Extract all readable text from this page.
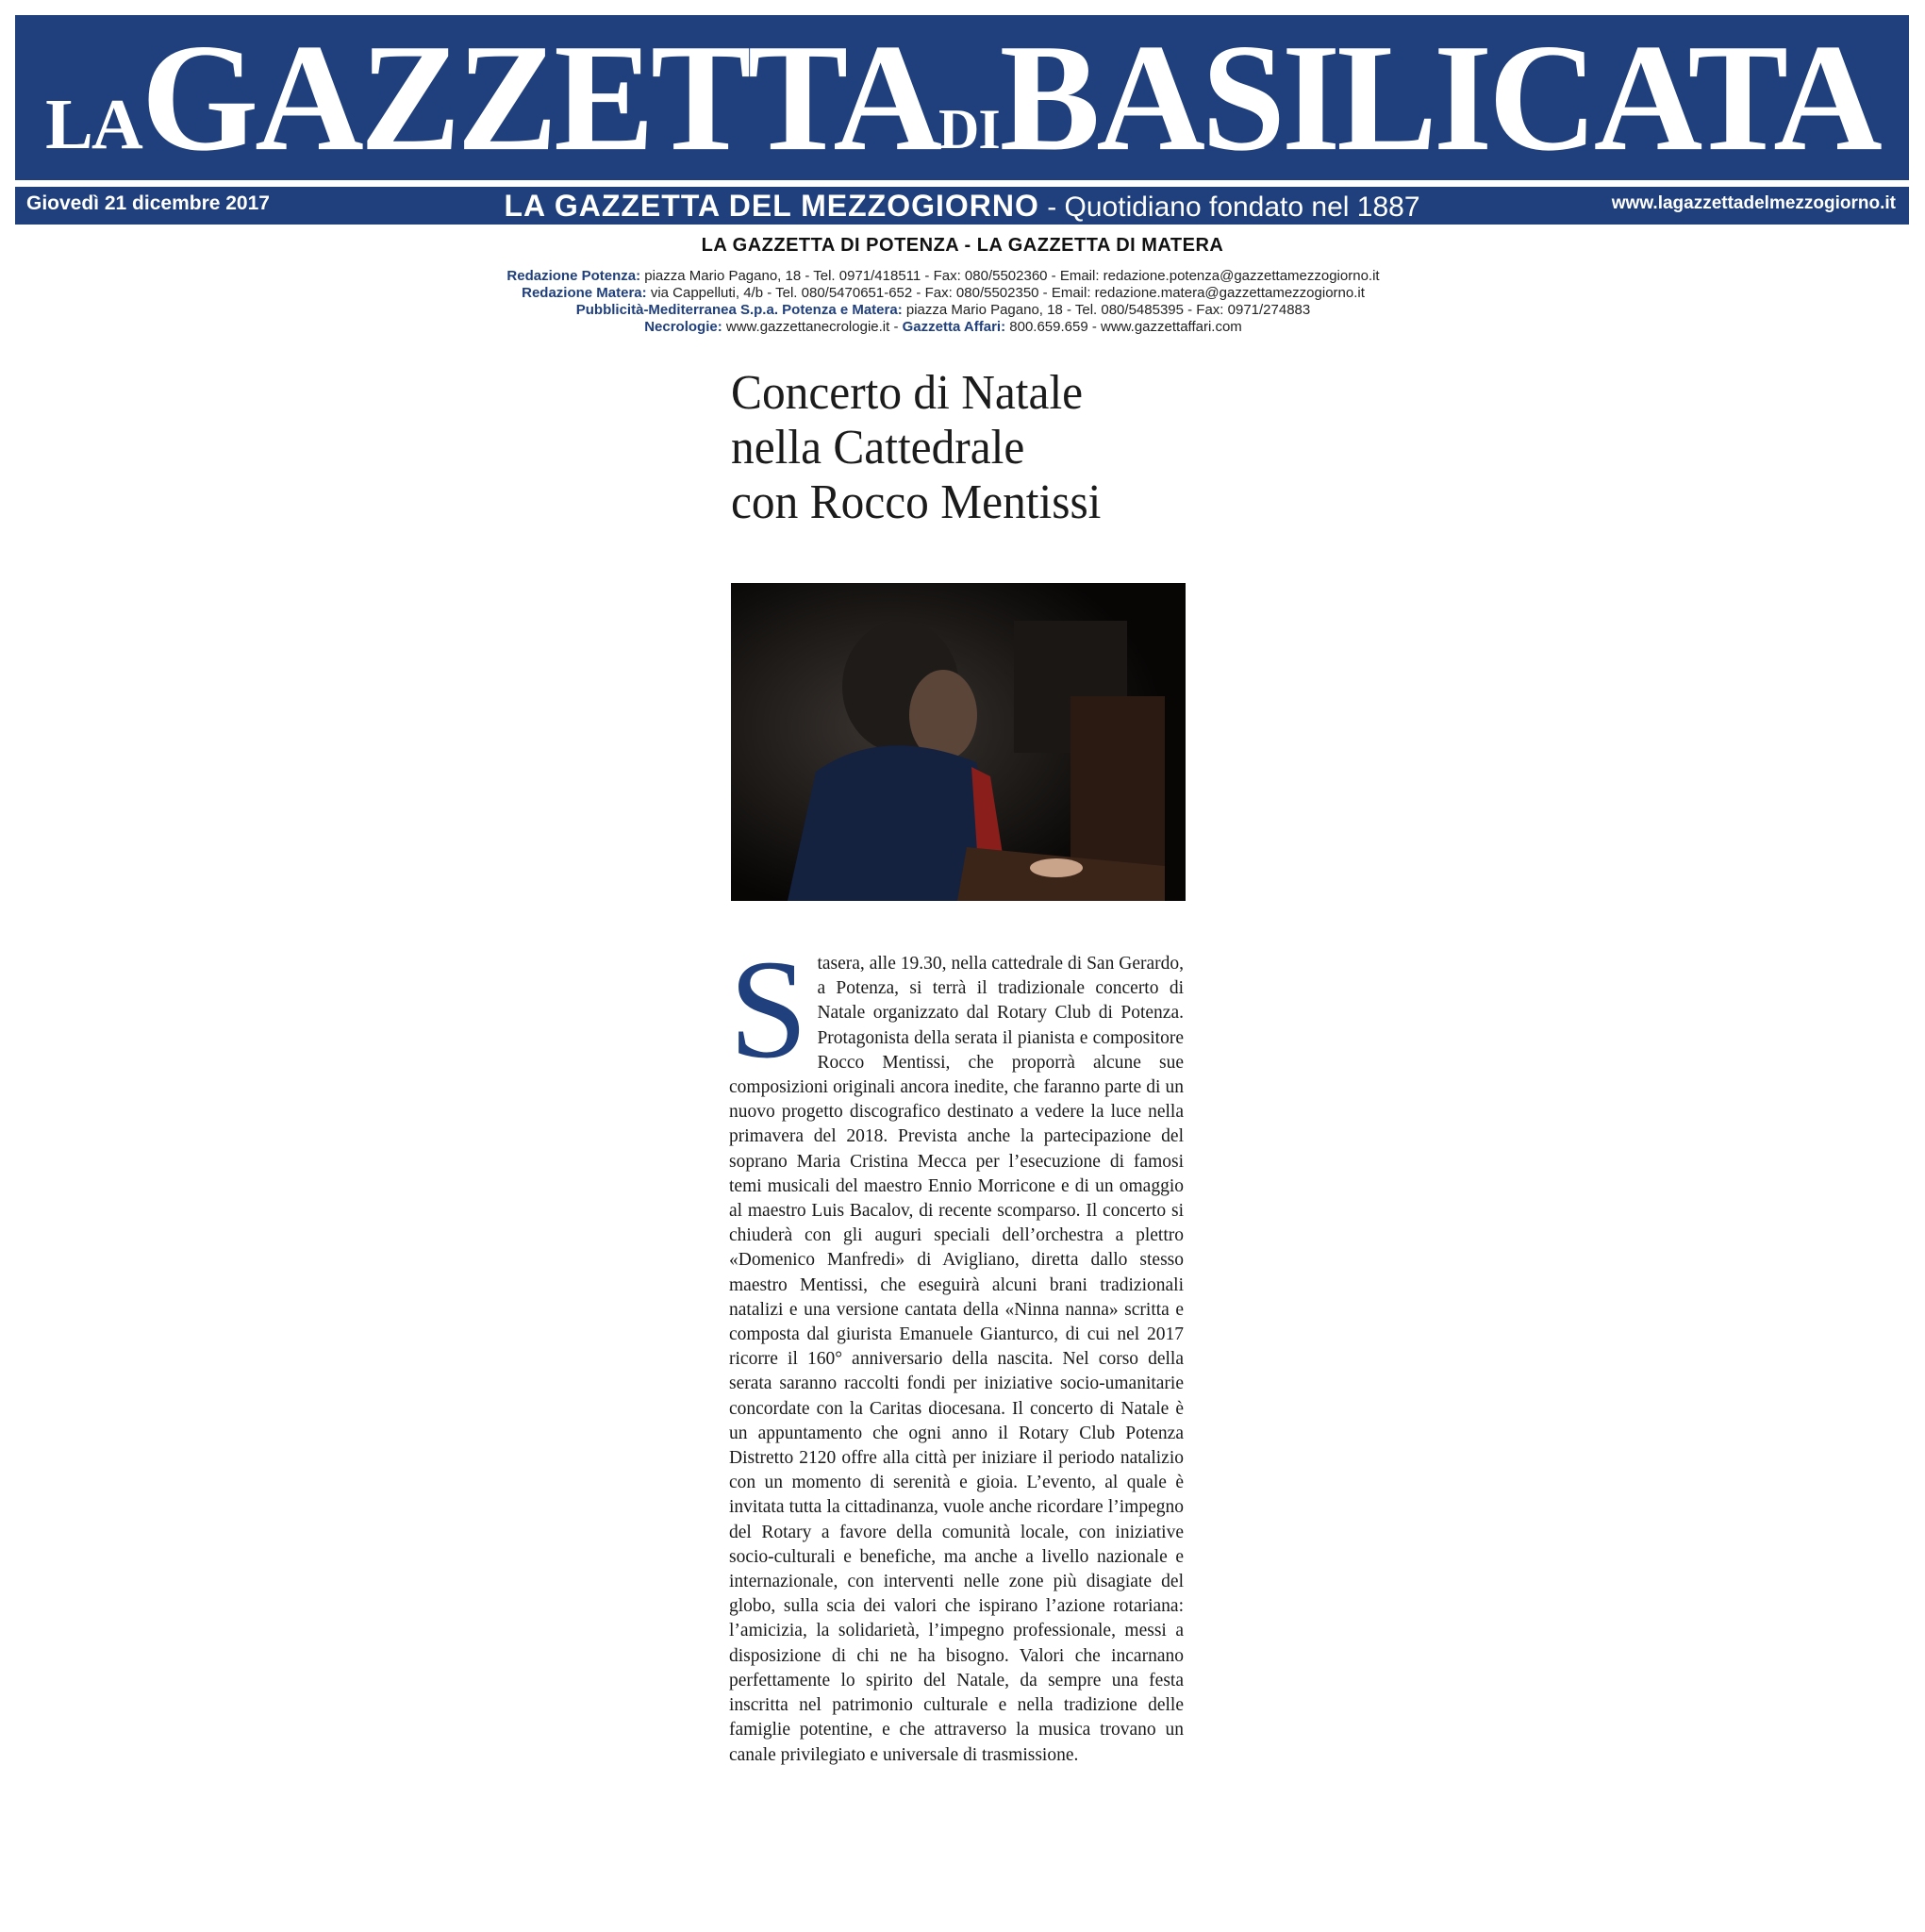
LA GAZZETTA DI BASILICATA
Giovedì 21 dicembre 2017	LA GAZZETTA DEL MEZZOGIORNO - Quotidiano fondato nel 1887	www.lagazzettadelmezzogiorno.it
LA GAZZETTA DI POTENZA - LA GAZZETTA DI MATERA
Redazione Potenza: piazza Mario Pagano, 18 - Tel. 0971/418511 - Fax: 080/5502360 - Email: redazione.potenza@gazzettamezzogiorno.it
Redazione Matera: via Cappelluti, 4/b - Tel. 080/5470651-652 - Fax: 080/5502350 - Email: redazione.matera@gazzettamezzogiorno.it
Pubblicità-Mediterranea S.p.a. Potenza e Matera: piazza Mario Pagano, 18 - Tel. 080/5485395 - Fax: 0971/274883
Necrologie: www.gazzettanecrologie.it - Gazzetta Affari: 800.659.659 - www.gazzettaffari.com
Concerto di Natale
nella Cattedrale
con Rocco Mentissi
S tasera, alle 19.30, nella cattedrale di San Gerardo, a Potenza, si terrà il tradizionale concerto di Natale organizzato dal Rotary Club di Potenza. Protagonista della serata il pianista e compositore Rocco Mentissi, che proporrà alcune sue composizioni originali ancora inedite, che faranno parte di un nuovo progetto discografico destinato a vedere la luce nella primavera del 2018. Prevista anche la partecipazione del soprano Maria Cristina Mecca per l’esecuzione di famosi temi musicali del maestro Ennio Morricone e di un omaggio al maestro Luis Bacalov, di recente scomparso. Il concerto si chiuderà con gli auguri speciali dell’orchestra a plettro «Domenico Manfredi» di Avigliano, diretta dallo stesso maestro Mentissi, che eseguirà alcuni brani tradizionali natalizi e una versione cantata della «Ninna nanna» scritta e composta dal giurista Emanuele Gianturco, di cui nel 2017 ricorre il 160° anniversario della nascita. Nel corso della serata saranno raccolti fondi per iniziative socio-umanitarie concordate con la Caritas diocesana. Il concerto di Natale è un appuntamento che ogni anno il Rotary Club Potenza Distretto 2120 offre alla città per iniziare il periodo natalizio con un momento di serenità e gioia. L’evento, al quale è invitata tutta la cittadinanza, vuole anche ricordare l’impegno del Rotary a favore della comunità locale, con iniziative socio-culturali e benefiche, ma anche a livello nazionale e internazionale, con interventi nelle zone più disagiate del globo, sulla scia dei valori che ispirano l’azione rotariana: l’amicizia, la solidarietà, l’impegno professionale, messi a disposizione di chi ne ha bisogno. Valori che incarnano perfettamente lo spirito del Natale, da sempre una festa inscritta nel patrimonio culturale e nella tradizione delle famiglie potentine, e che attraverso la musica trovano un canale privilegiato e universale di trasmissione.
